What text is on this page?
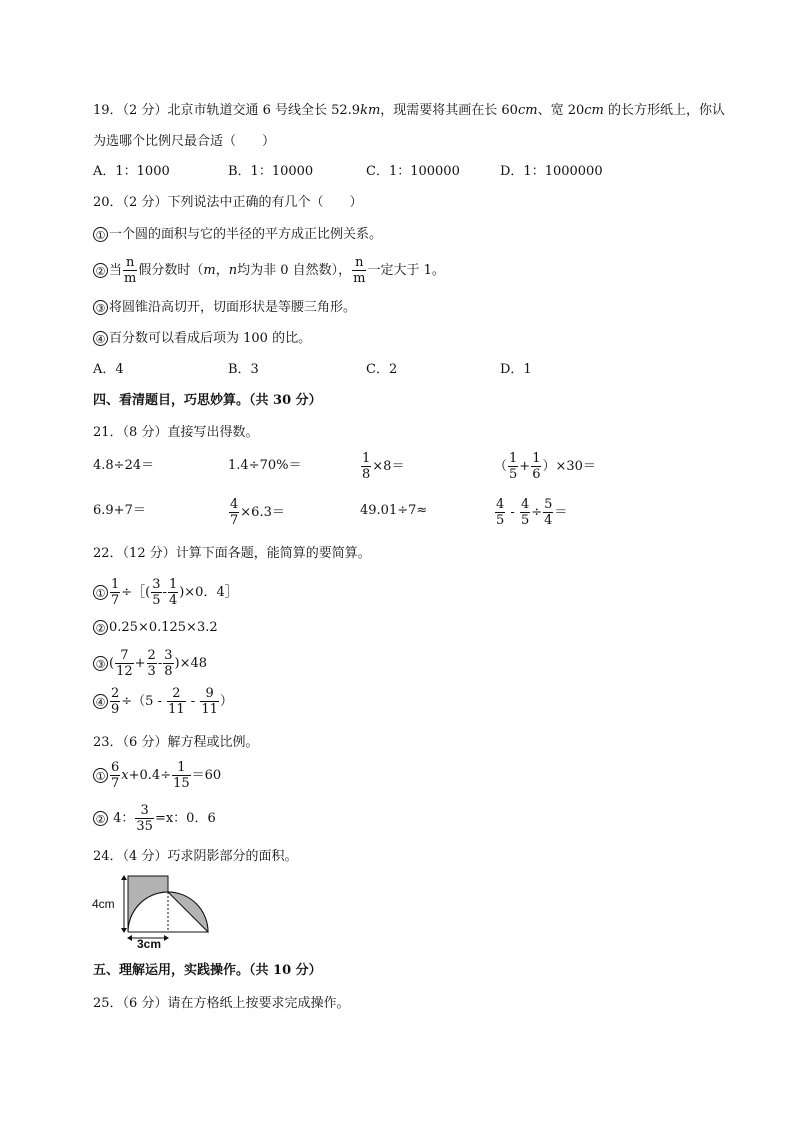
19．（2 分）北京市轨道交通 6 号线全长 52.9km，现需要将其画在长 60cm、宽 20cm 的长方形纸上，你认
为选哪个比例尺最合适（　　）
A．1：1000	B．1：10000	C．1：100000	D．1：1000000
20．（2 分）下列说法中正确的有几个（　　）
① 一个圆的面积与它的半径的平方成正比例关系。
② 当 $\frac{n}{m}$ 假分数时（m，n均为非 0 自然数）， $\frac{n}{m}$ 一定大于 1。
③ 将圆锥沿高切开，切面形状是等腰三角形。
④ 百分数可以看成后项为 100 的比。
A．4	B．3	C．2	D．1
四、看清题目，巧思妙算。（共 30 分）
21．（8 分）直接写出得数。
4.8÷24＝	1.4÷70%＝	$\frac{1}{8} \times 8=$	（ $\frac{1}{5} + \frac{1}{6} )\times 30=$
6.9+7＝	$\frac{4}{7} \times 6.3=$	49.01÷7≈	$\frac{4}{5} - \frac{4}{5} \div \frac{5}{4}$ ＝
22．（12 分）计算下面各题，能简算的要简算。
① $\frac{1}{7}$ ÷［( $\frac{3}{5} - \frac{1}{4} )\times 0$．4］
② 0.25×0.125×3.2
③ ( $\frac{7}{12} + \frac{2}{3} - \frac{3}{8} )\times 48$
④ $\frac{2}{9} \div(5 - \frac{2}{11} - \frac{9}{11}$ ）
23．（6 分）解方程或比例。
① $\frac{6}{7} x+0.4\div \frac{1}{15} =60$
② 4： $\frac{3}{35} =x$：0．6
24．（4 分）巧求阴影部分的面积。
4cm
3cm
五、理解运用，实践操作。（共 10 分）
25．（6 分）请在方格纸上按要求完成操作。
